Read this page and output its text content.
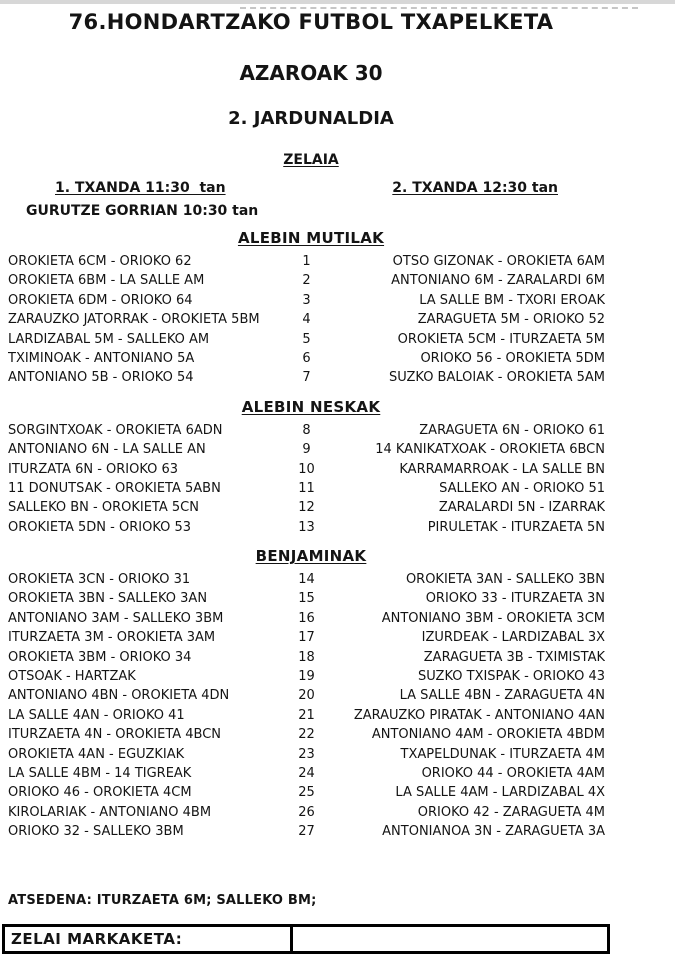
76.HONDARTZAKO FUTBOL TXAPELKETA
AZAROAK 30
2. JARDUNALDIA
ZELAIA
1. TXANDA 11:30  tan	2. TXANDA 12:30 tan
GURUTZE GORRIAN 10:30 tan
ALEBIN MUTILAK
OROKIETA 6CM - ORIOKO 62	1	OTSO GIZONAK - OROKIETA 6AM
OROKIETA 6BM - LA SALLE AM	2	ANTONIANO 6M - ZARALARDI 6M
OROKIETA 6DM - ORIOKO 64	3	LA SALLE BM - TXORI EROAK
ZARAUZKO JATORRAK - OROKIETA 5BM	4	ZARAGUETA 5M - ORIOKO 52
LARDIZABAL 5M - SALLEKO AM	5	OROKIETA 5CM - ITURZAETA 5M
TXIMINOAK - ANTONIANO 5A	6	ORIOKO 56 - OROKIETA 5DM
ANTONIANO 5B - ORIOKO 54	7	SUZKO BALOIAK - OROKIETA 5AM
ALEBIN NESKAK
SORGINTXOAK - OROKIETA 6ADN	8	ZARAGUETA 6N - ORIOKO 61
ANTONIANO 6N - LA SALLE AN	9	14 KANIKATXOAK - OROKIETA 6BCN
ITURZATA 6N - ORIOKO 63	10	KARRAMARROAK - LA SALLE BN
11 DONUTSAK - OROKIETA 5ABN	11	SALLEKO AN - ORIOKO 51
SALLEKO BN - OROKIETA 5CN	12	ZARALARDI 5N - IZARRAK
OROKIETA 5DN - ORIOKO 53	13	PIRULETAK - ITURZAETA 5N
BENJAMINAK
OROKIETA 3CN - ORIOKO 31	14	OROKIETA 3AN - SALLEKO 3BN
OROKIETA 3BN - SALLEKO 3AN	15	ORIOKO 33 - ITURZAETA 3N
ANTONIANO 3AM - SALLEKO 3BM	16	ANTONIANO 3BM - OROKIETA 3CM
ITURZAETA 3M - OROKIETA 3AM	17	IZURDEAK - LARDIZABAL 3X
OROKIETA 3BM - ORIOKO 34	18	ZARAGUETA 3B - TXIMISTAK
OTSOAK - HARTZAK	19	SUZKO TXISPAK - ORIOKO 43
ANTONIANO 4BN - OROKIETA 4DN	20	LA SALLE 4BN - ZARAGUETA 4N
LA SALLE 4AN - ORIOKO 41	21	ZARAUZKO PIRATAK - ANTONIANO 4AN
ITURZAETA 4N - OROKIETA 4BCN	22	ANTONIANO 4AM - OROKIETA 4BDM
OROKIETA 4AN - EGUZKIAK	23	TXAPELDUNAK - ITURZAETA 4M
LA SALLE 4BM - 14 TIGREAK	24	ORIOKO 44 - OROKIETA 4AM
ORIOKO 46 - OROKIETA 4CM	25	LA SALLE 4AM - LARDIZABAL 4X
KIROLARIAK - ANTONIANO 4BM	26	ORIOKO 42 - ZARAGUETA 4M
ORIOKO 32 - SALLEKO 3BM	27	ANTONIANOA 3N - ZARAGUETA 3A
ATSEDENA: ITURZAETA 6M; SALLEKO BM;
ZELAI MARKAKETA:
